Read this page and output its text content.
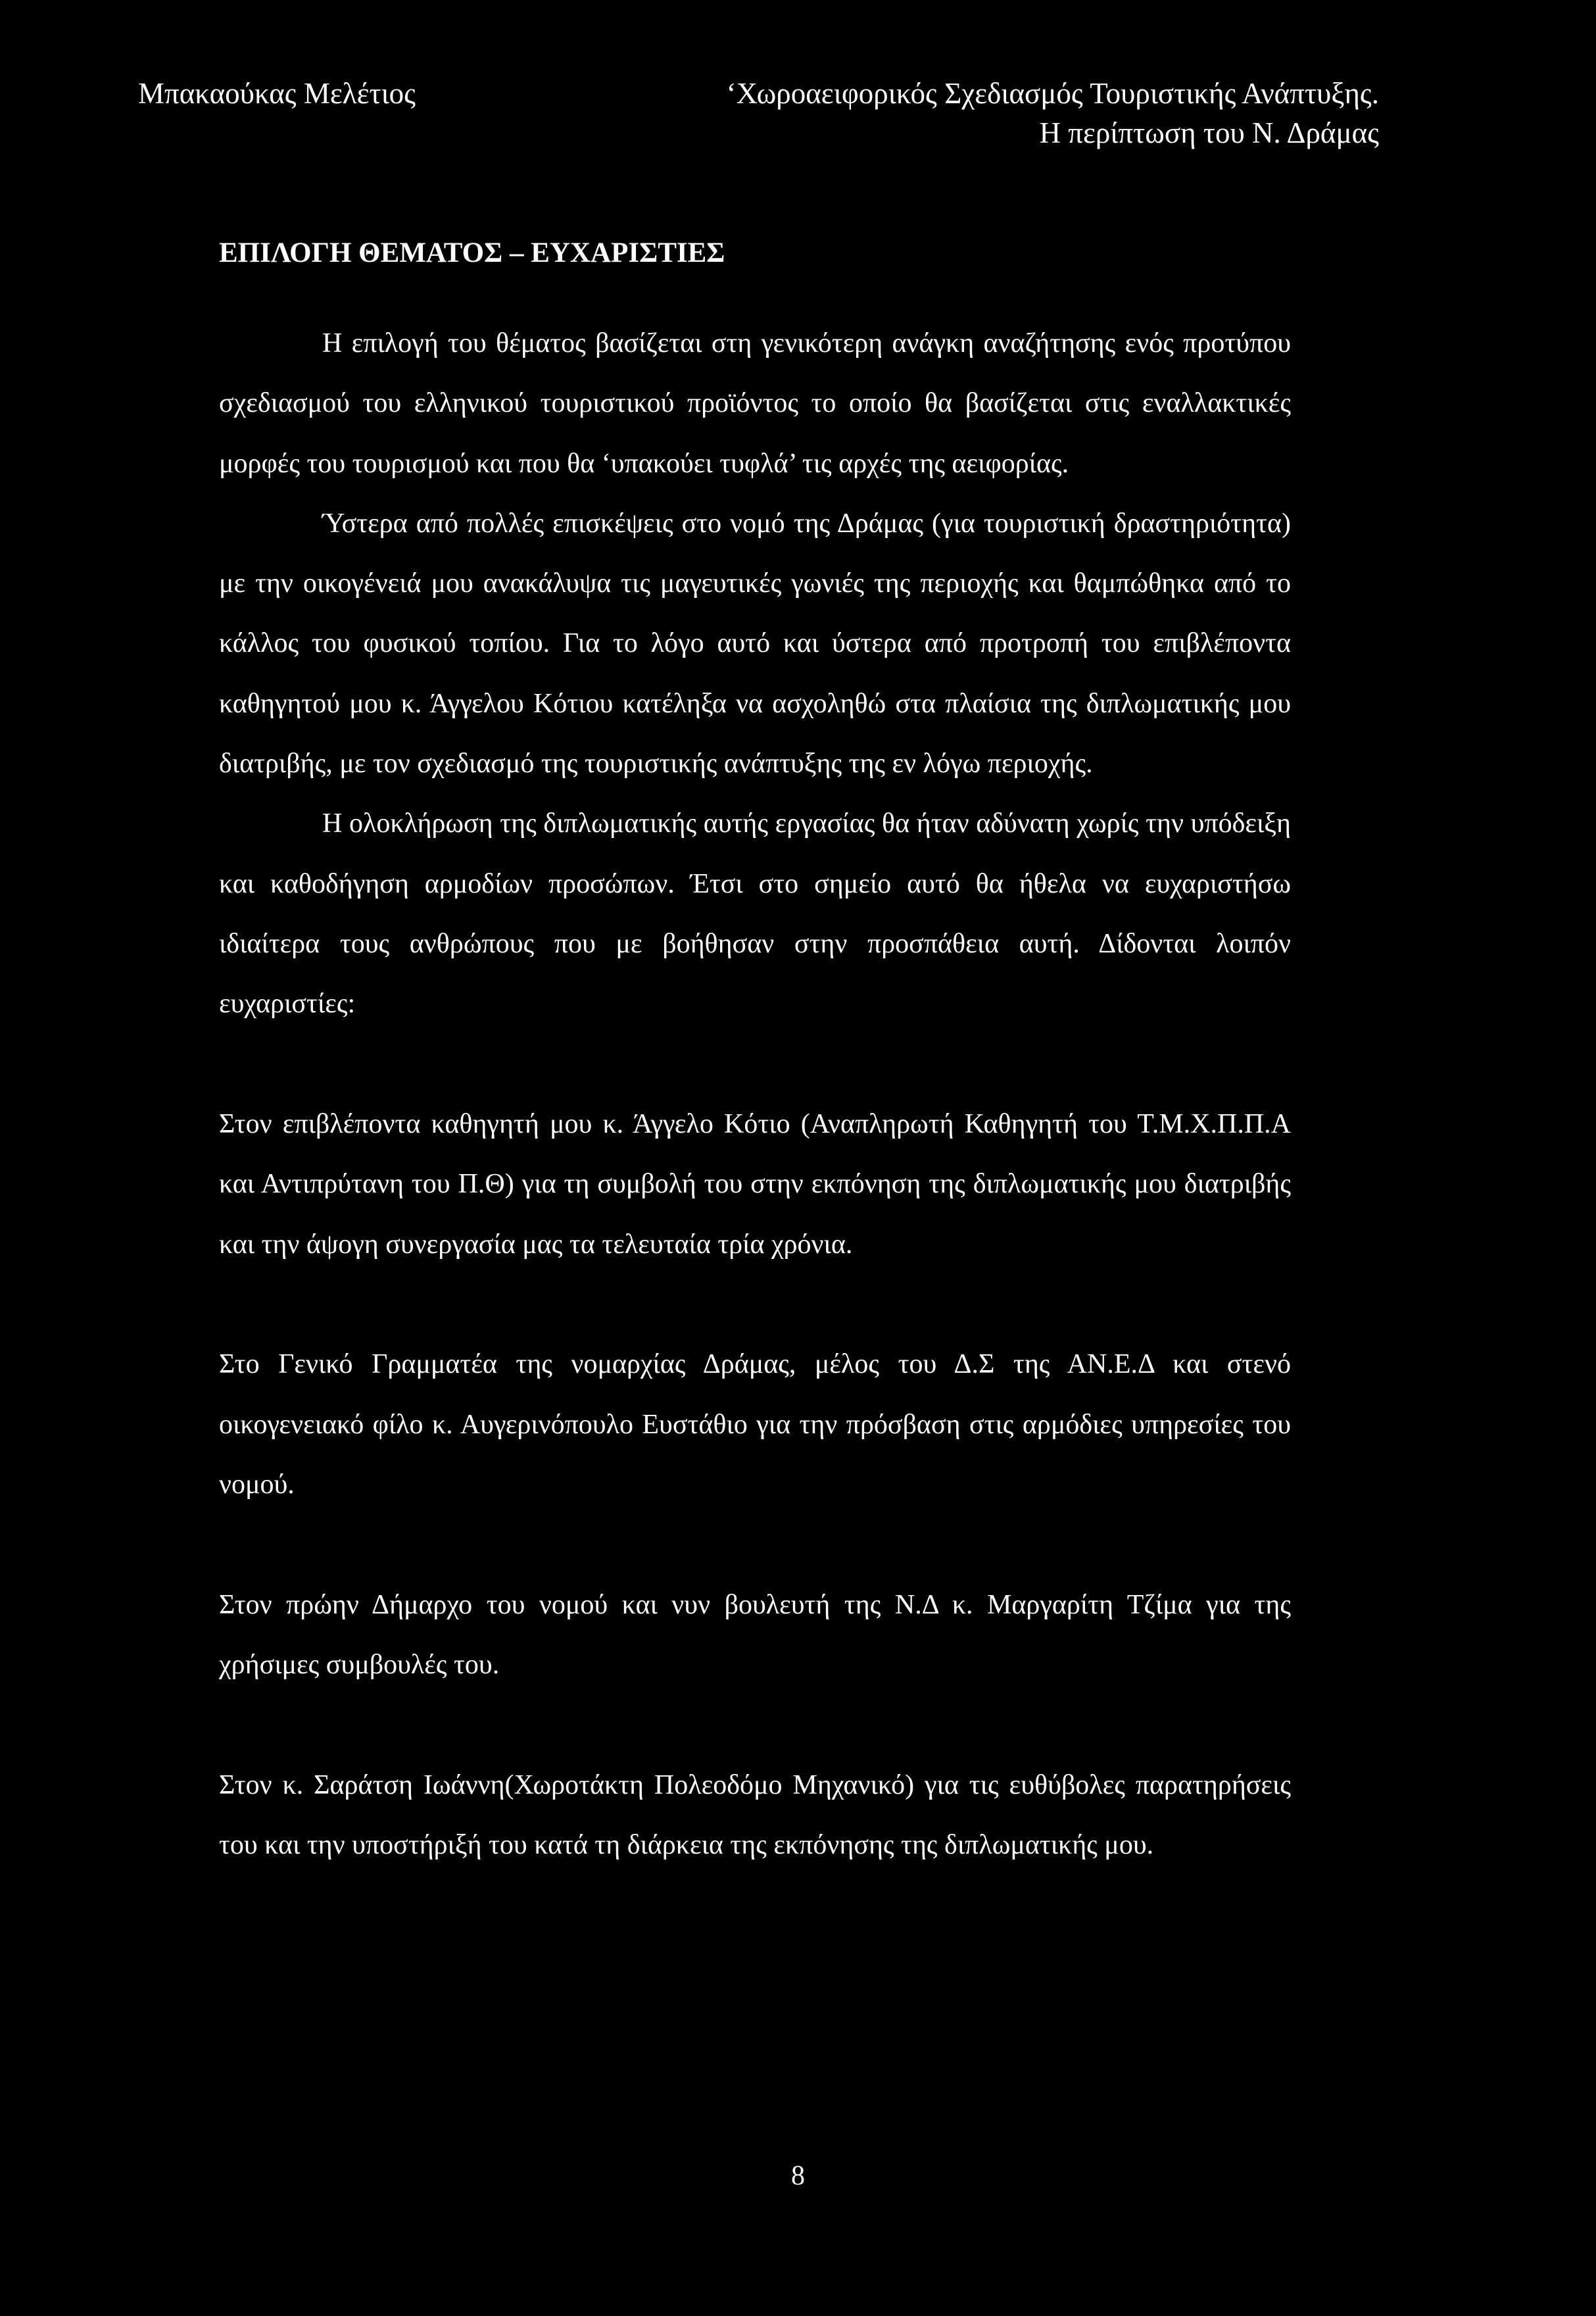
Μπακαούκας Μελέτιος	‘Χωροαειφορικός Σχεδιασμός Τουριστικής Ανάπτυξης.
Η περίπτωση του Ν. Δράμας
ΕΠΙΛΟΓΗ ΘΕΜΑΤΟΣ – ΕΥΧΑΡΙΣΤΙΕΣ

Η επιλογή του θέματος βασίζεται στη γενικότερη ανάγκη αναζήτησης ενός προτύπου σχεδιασμού του ελληνικού τουριστικού προϊόντος το οποίο θα βασίζεται στις εναλλακτικές μορφές του τουρισμού και που θα ‘υπακούει τυφλά’ τις αρχές της αειφορίας.

Ύστερα από πολλές επισκέψεις στο νομό της Δράμας (για τουριστική δραστηριότητα) με την οικογένειά μου ανακάλυψα τις μαγευτικές γωνιές της περιοχής και θαμπώθηκα από το κάλλος του φυσικού τοπίου. Για το λόγο αυτό και ύστερα από προτροπή του επιβλέποντα καθηγητού μου κ. Άγγελου Κότιου κατέληξα να ασχοληθώ στα πλαίσια της διπλωματικής μου διατριβής, με τον σχεδιασμό της τουριστικής ανάπτυξης της εν λόγω περιοχής.

Η ολοκλήρωση της διπλωματικής αυτής εργασίας θα ήταν αδύνατη χωρίς την υπόδειξη και καθοδήγηση αρμοδίων προσώπων. Έτσι στο σημείο αυτό θα ήθελα να ευχαριστήσω ιδιαίτερα τους ανθρώπους που με βοήθησαν στην προσπάθεια αυτή. Δίδονται λοιπόν ευχαριστίες:

Στον επιβλέποντα καθηγητή μου κ. Άγγελο Κότιο (Αναπληρωτή Καθηγητή του Τ.Μ.Χ.Π.Π.Α και Αντιπρύτανη του Π.Θ) για τη συμβολή του στην εκπόνηση της διπλωματικής μου διατριβής και την άψογη συνεργασία μας τα τελευταία τρία χρόνια.

Στο Γενικό Γραμματέα της νομαρχίας Δράμας, μέλος του Δ.Σ της ΑΝ.Ε.Δ και στενό οικογενειακό φίλο κ. Αυγερινόπουλο Ευστάθιο για την πρόσβαση στις αρμόδιες υπηρεσίες του νομού.

Στον πρώην Δήμαρχο του νομού και νυν βουλευτή της Ν.Δ κ. Μαργαρίτη Τζίμα για της χρήσιμες συμβουλές του.

Στον κ. Σαράτση Ιωάννη(Χωροτάκτη Πολεοδόμο Μηχανικό) για τις ευθύβολες παρατηρήσεις του και την υποστήριξή του κατά τη διάρκεια της εκπόνησης της διπλωματικής μου.

8
